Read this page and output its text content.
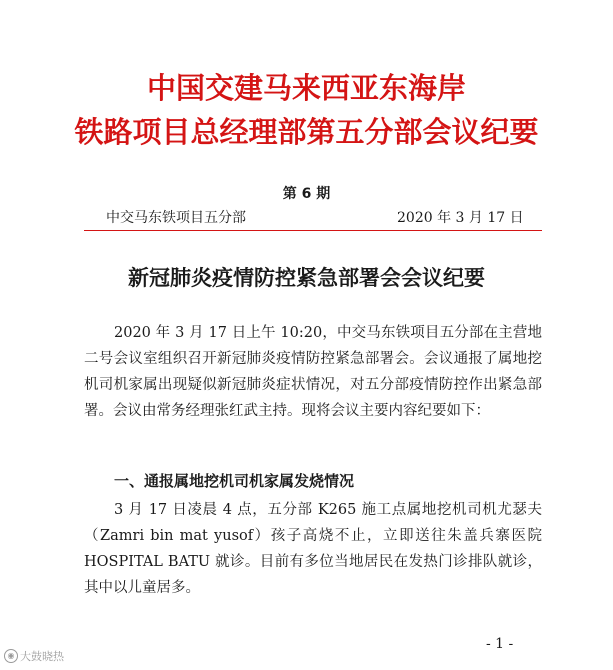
中国交建马来西亚东海岸
铁路项目总经理部第五分部会议纪要
第 6 期
中交马东铁项目五分部	2020 年 3 月 17 日
新冠肺炎疫情防控紧急部署会会议纪要
2020 年 3 月 17 日上午 10:20，中交马东铁项目五分部在主营地二号会议室组织召开新冠肺炎疫情防控紧急部署会。会议通报了属地挖机司机家属出现疑似新冠肺炎症状情况，对五分部疫情防控作出紧急部署。会议由常务经理张红武主持。现将会议主要内容纪要如下：
一、通报属地挖机司机家属发烧情况
3 月 17 日凌晨 4 点，五分部 K265 施工点属地挖机司机尤瑟夫（Zamri bin mat yusof）孩子高烧不止，立即送往朱盖兵寨医院 HOSPITAL BATU 就诊。目前有多位当地居民在发热门诊排队就诊，其中以儿童居多。
- 1 -
◉ 大鼓晓热
